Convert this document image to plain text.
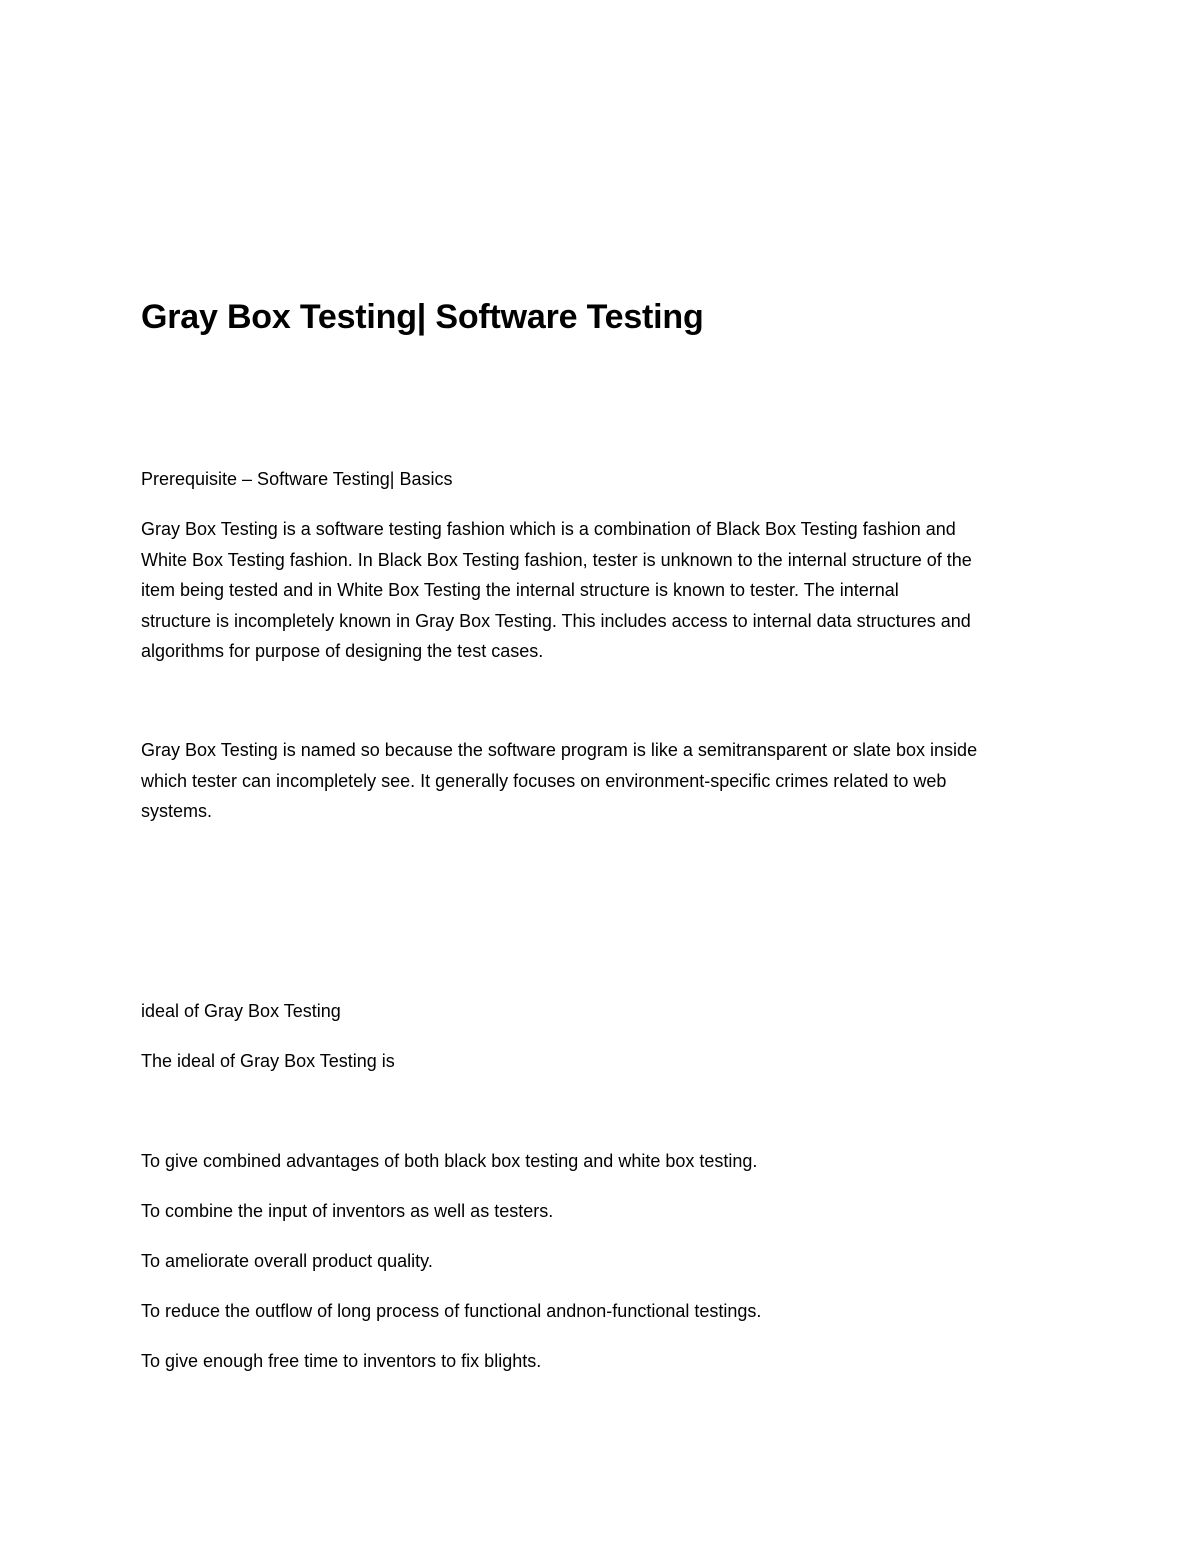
Gray Box Testing| Software Testing

Prerequisite – Software Testing| Basics

Gray Box Testing is a software testing fashion which is a combination of Black Box Testing fashion and
White Box Testing fashion. In Black Box Testing fashion, tester is unknown to the internal structure of the
item being tested and in White Box Testing the internal structure is known to tester. The internal
structure is incompletely known in Gray Box Testing. This includes access to internal data structures and
algorithms for purpose of designing the test cases.
Gray Box Testing is named so because the software program is like a semitransparent or slate box inside
which tester can incompletely see. It generally focuses on environment-specific crimes related to web
systems.

ideal of Gray Box Testing

The ideal of Gray Box Testing is

To give combined advantages of both black box testing and white box testing.

To combine the input of inventors as well as testers.

To ameliorate overall product quality.

To reduce the outflow of long process of functional andnon-functional testings.

To give enough free time to inventors to fix blights.
